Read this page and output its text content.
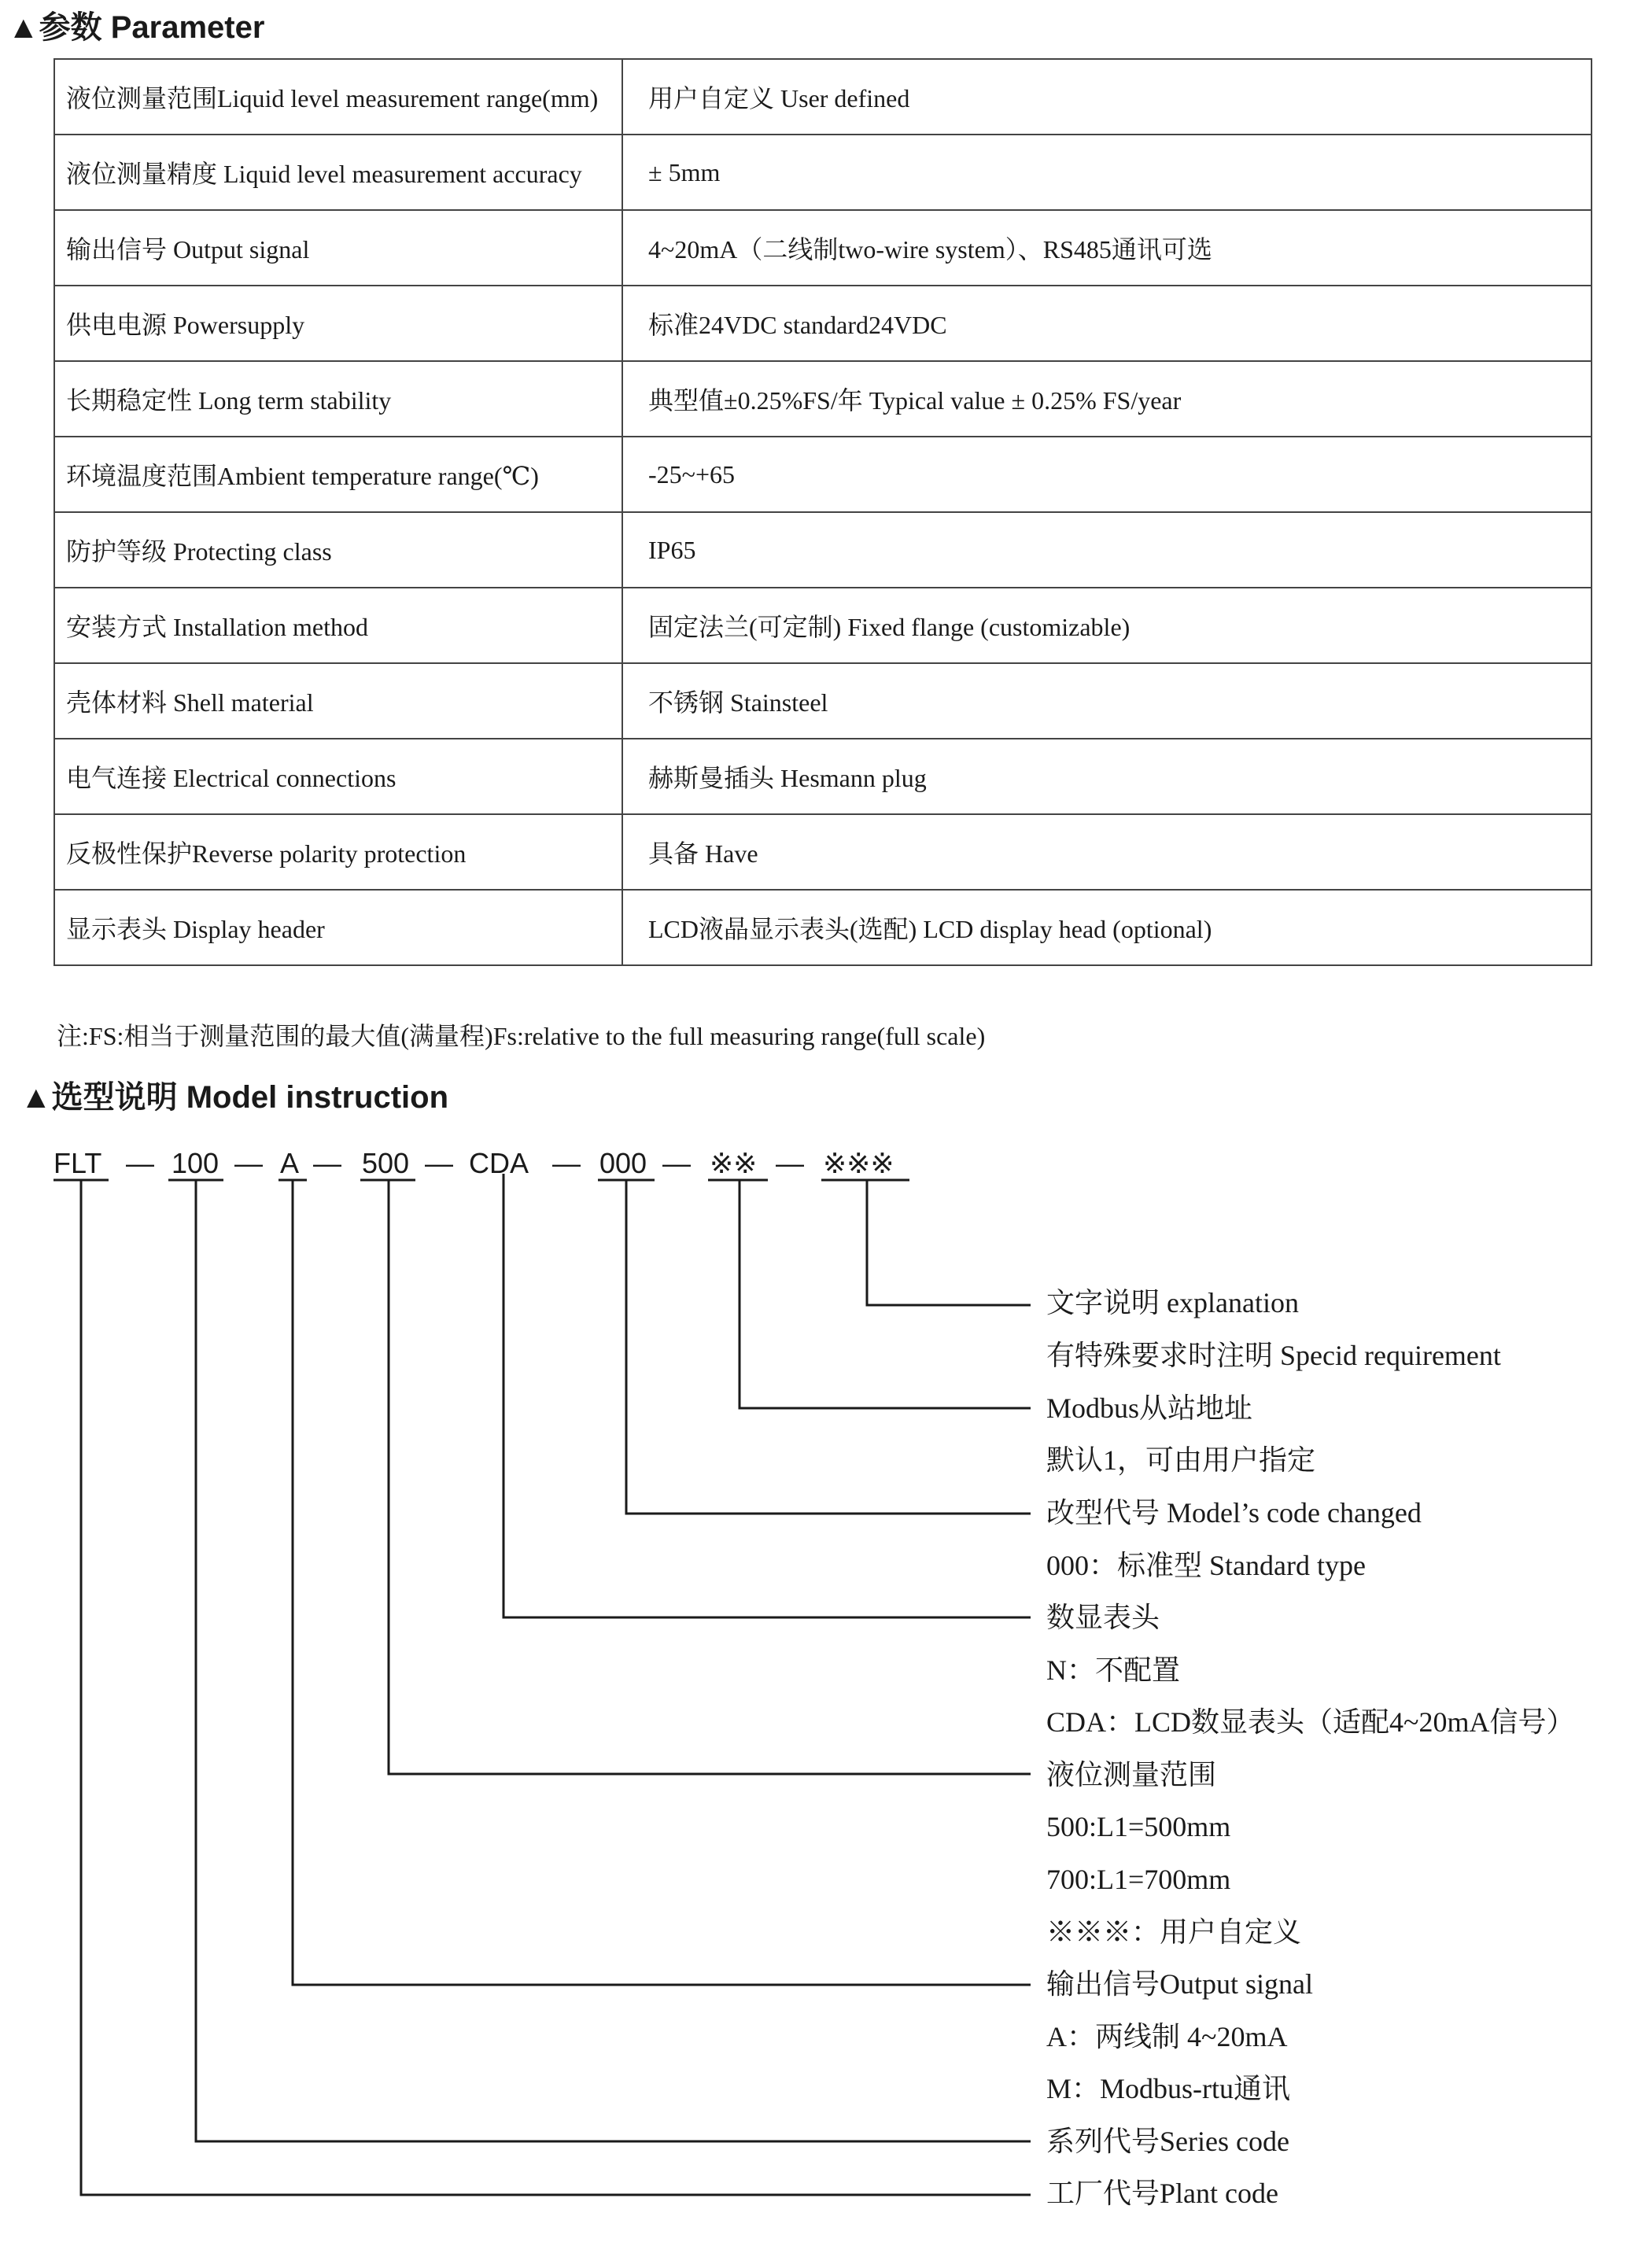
▲参数 Parameter
液位测量范围Liquid level measurement range(mm)	用户自定义 User defined
液位测量精度 Liquid level measurement accuracy	± 5mm
输出信号 Output signal	4~20mA（二线制two-wire system）、RS485通讯可选
供电电源 Powersupply	标准24VDC standard24VDC
长期稳定性 Long term stability	典型值±0.25%FS/年 Typical value ± 0.25% FS/year
环境温度范围Ambient temperature range(℃)	-25~+65
防护等级 Protecting class	IP65
安装方式 Installation method	固定法兰(可定制) Fixed flange (customizable)
壳体材料 Shell material	不锈钢 Stainsteel
电气连接 Electrical connections	赫斯曼插头 Hesmann plug
反极性保护Reverse polarity protection	具备 Have
显示表头 Display header	LCD液晶显示表头(选配) LCD display head (optional)
注:FS:相当于测量范围的最大值(满量程)Fs:relative to the full measuring range(full scale)
▲选型说明 Model instruction
FLT — 100 — A — 500 — CDA — 000 — ※※ — ※※※
文字说明 explanation
有特殊要求时注明 Specid requirement
Modbus从站地址
默认1，可由用户指定
改型代号 Model’s code changed
000：标准型 Standard type
数显表头
N：不配置
CDA：LCD数显表头（适配4~20mA信号）
液位测量范围
500:L1=500mm
700:L1=700mm
※※※：用户自定义
输出信号Output signal
A：两线制 4~20mA
M：Modbus-rtu通讯
系列代号Series code
工厂代号Plant code
